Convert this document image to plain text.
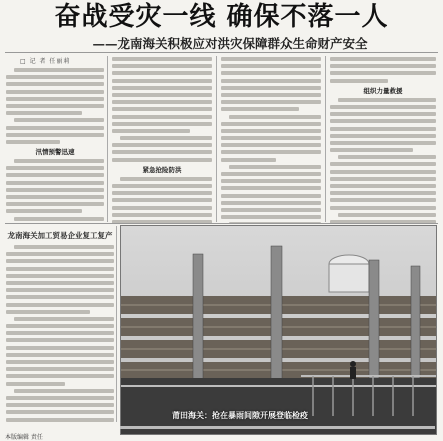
奋战受灾一线 确保不落一人
——龙南海关积极应对洪灾保障群众生命财产安全
□ 记 者 任丽莉
汛情预警迅速
紧急抢险防洪
组织力量救援
龙南海关加工贸易企业复工复产
莆田海关：抢在暴雨间隙开展登临检疫
本版编辑 责任
